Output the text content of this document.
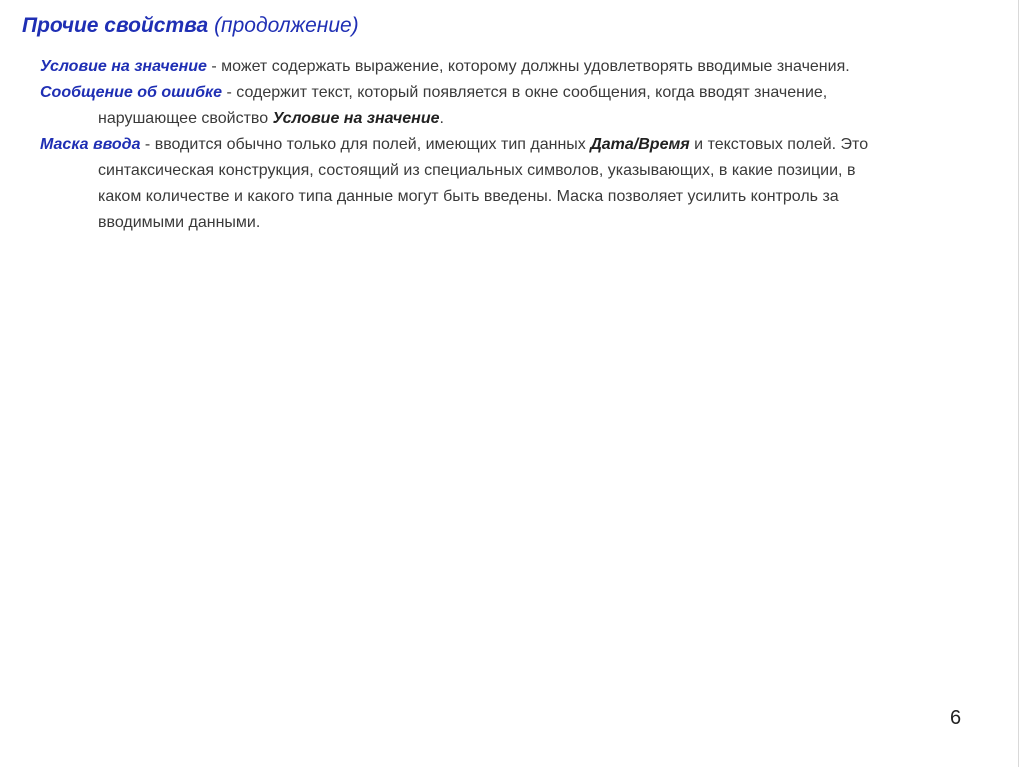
Прочие свойства (продолжение)

Условие на значение - может содержать выражение, которому должны удовлетворять вводимые значения.

Сообщение об ошибке - содержит текст, который появляется в окне сообщения, когда вводят значение,
нарушающее свойство Условие на значение.

Маска ввода - вводится обычно только для полей, имеющих тип данных Дата/Время и текстовых полей. Это
синтаксическая конструкция, состоящий из специальных символов, указывающих, в какие позиции, в
каком количестве и какого типа данные могут быть введены. Маска позволяет усилить контроль за
вводимыми данными.

6
